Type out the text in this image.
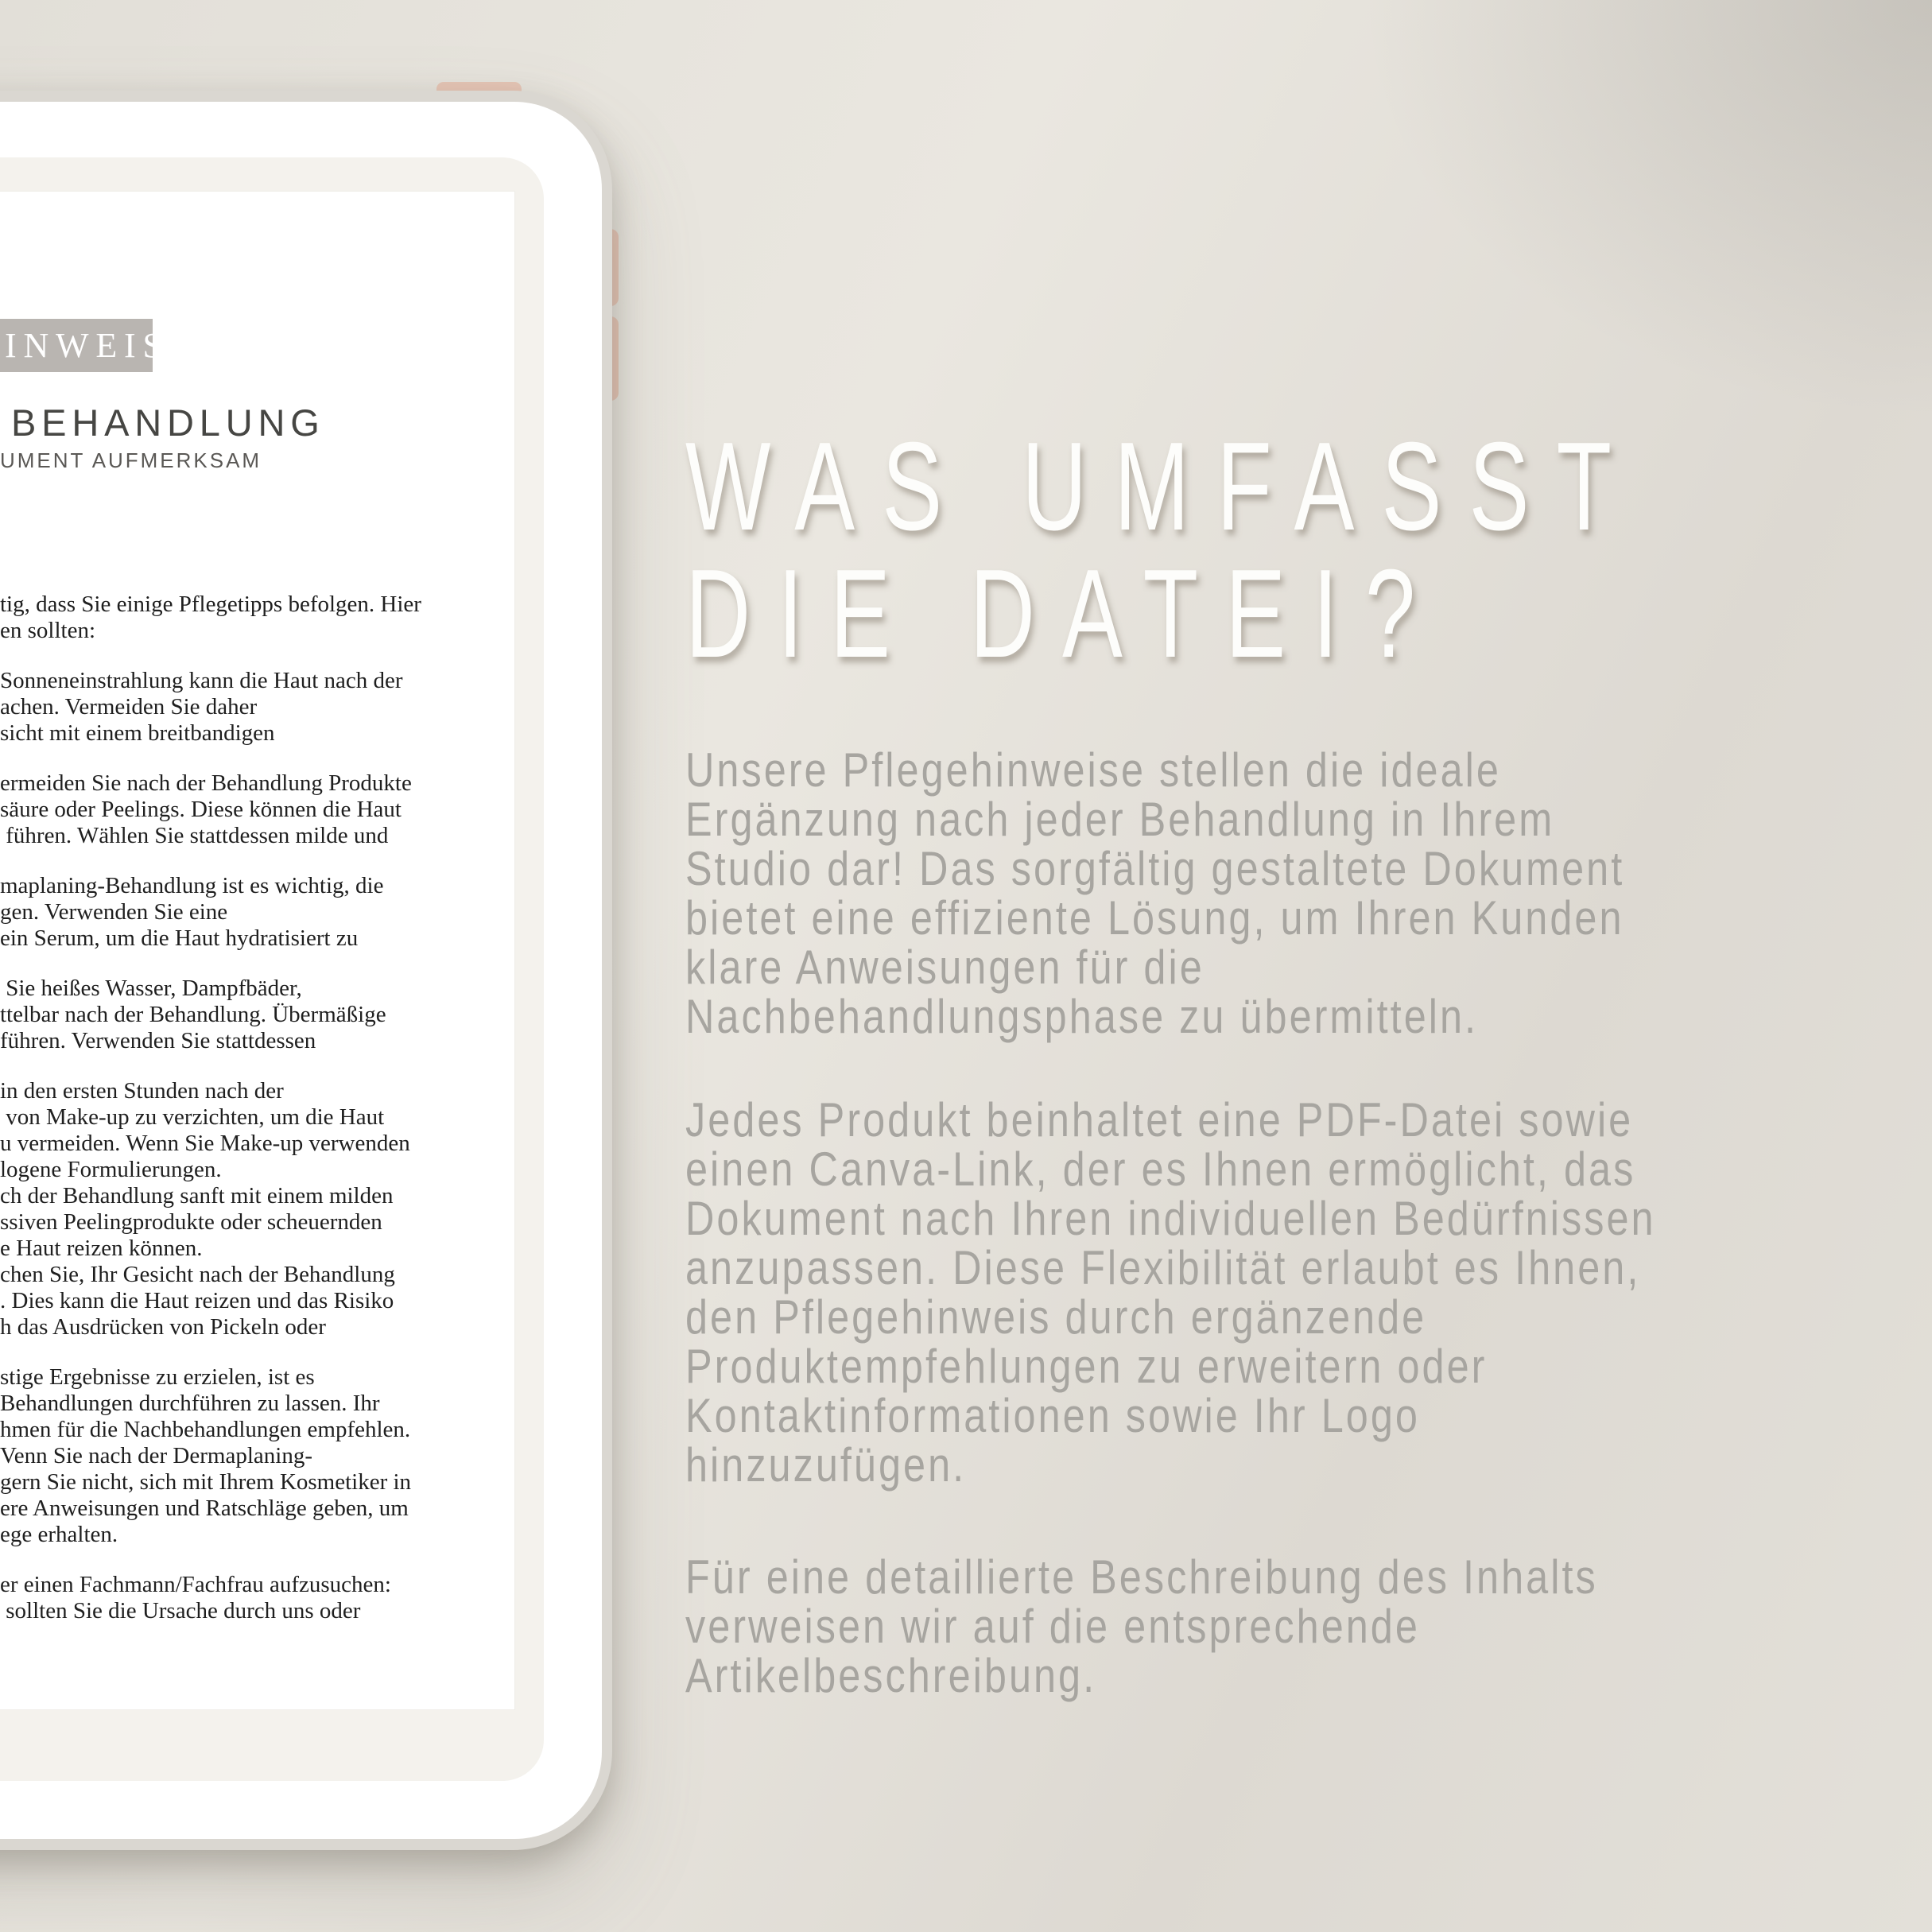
INWEIS
BEHANDLUNG
UMENT AUFMERKSAM
tig, dass Sie einige Pflegetipps befolgen. Hier
en sollten:
Sonneneinstrahlung kann die Haut nach der
achen. Vermeiden Sie daher
sicht mit einem breitbandigen
ermeiden Sie nach der Behandlung Produkte
säure oder Peelings. Diese können die Haut
führen. Wählen Sie stattdessen milde und
maplaning-Behandlung ist es wichtig, die
gen. Verwenden Sie eine
ein Serum, um die Haut hydratisiert zu
Sie heißes Wasser, Dampfbäder,
ttelbar nach der Behandlung. Übermäßige
führen. Verwenden Sie stattdessen
in den ersten Stunden nach der
von Make-up zu verzichten, um die Haut
u vermeiden. Wenn Sie Make-up verwenden
logene Formulierungen.
ch der Behandlung sanft mit einem milden
ssiven Peelingprodukte oder scheuernden
e Haut reizen können.
chen Sie, Ihr Gesicht nach der Behandlung
. Dies kann die Haut reizen und das Risiko
h das Ausdrücken von Pickeln oder
stige Ergebnisse zu erzielen, ist es
Behandlungen durchführen zu lassen. Ihr
hmen für die Nachbehandlungen empfehlen.
Venn Sie nach der Dermaplaning-
gern Sie nicht, sich mit Ihrem Kosmetiker in
ere Anweisungen und Ratschläge geben, um
ege erhalten.
er einen Fachmann/Fachfrau aufzusuchen:
sollten Sie die Ursache durch uns oder
WAS UMFASST
DIE DATEI?
Unsere Pflegehinweise stellen die ideale
Ergänzung nach jeder Behandlung in Ihrem
Studio dar! Das sorgfältig gestaltete Dokument
bietet eine effiziente Lösung, um Ihren Kunden
klare Anweisungen für die
Nachbehandlungsphase zu übermitteln.
Jedes Produkt beinhaltet eine PDF-Datei sowie
einen Canva-Link, der es Ihnen ermöglicht, das
Dokument nach Ihren individuellen Bedürfnissen
anzupassen. Diese Flexibilität erlaubt es Ihnen,
den Pflegehinweis durch ergänzende
Produktempfehlungen zu erweitern oder
Kontaktinformationen sowie Ihr Logo
hinzuzufügen.
Für eine detaillierte Beschreibung des Inhalts
verweisen wir auf die entsprechende
Artikelbeschreibung.
